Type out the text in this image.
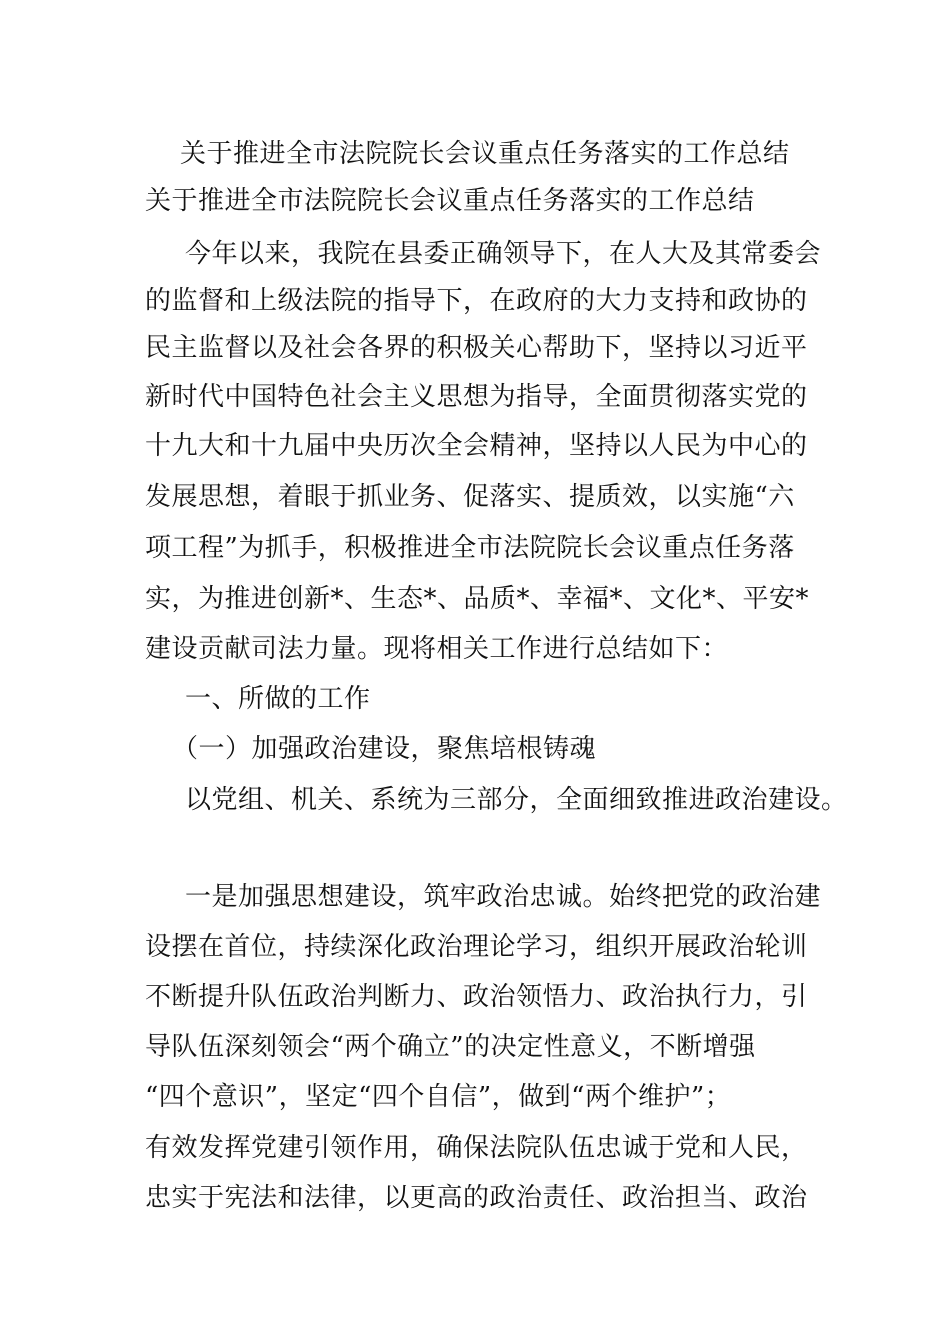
关于推进全市法院院长会议重点任务落实的工作总结
关于推进全市法院院长会议重点任务落实的工作总结
今年以来，我院在县委正确领导下，在人大及其常委会
的监督和上级法院的指导下，在政府的大力支持和政协的
民主监督以及社会各界的积极关心帮助下，坚持以习近平
新时代中国特色社会主义思想为指导，全面贯彻落实党的
十九大和十九届中央历次全会精神，坚持以人民为中心的
发展思想，着眼于抓业务、促落实、提质效，以实施“六
项工程”为抓手，积极推进全市法院院长会议重点任务落
实，为推进创新*、生态*、品质*、幸福*、文化*、平安*
建设贡献司法力量。现将相关工作进行总结如下：
一、所做的工作
（一）加强政治建设，聚焦培根铸魂
以党组、机关、系统为三部分，全面细致推进政治建设。
一是加强思想建设，筑牢政治忠诚。始终把党的政治建
设摆在首位，持续深化政治理论学习，组织开展政治轮训
不断提升队伍政治判断力、政治领悟力、政治执行力，引
导队伍深刻领会“两个确立”的决定性意义，不断增强
“四个意识”，坚定“四个自信”，做到“两个维护”；
有效发挥党建引领作用，确保法院队伍忠诚于党和人民，
忠实于宪法和法律，以更高的政治责任、政治担当、政治
